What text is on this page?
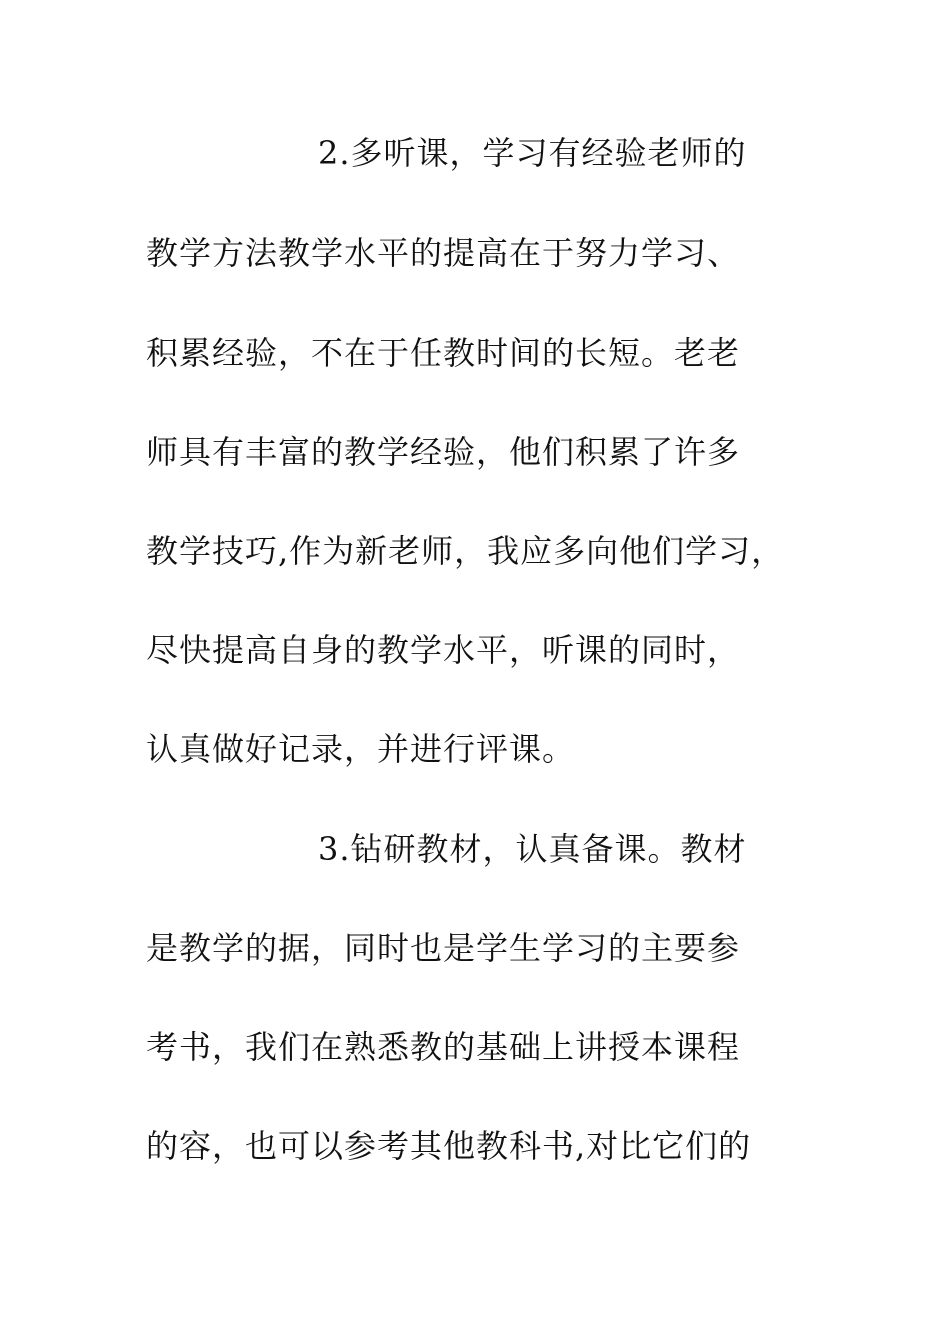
2.多听课，学习有经验老师的
教学方法教学水平的提高在于努力学习、
积累经验，不在于任教时间的长短。老老
师具有丰富的教学经验，他们积累了许多
教学技巧,作为新老师，我应多向他们学习，
尽快提高自身的教学水平，听课的同时，
认真做好记录，并进行评课。
3.钻研教材，认真备课。教材
是教学的据，同时也是学生学习的主要参
考书，我们在熟悉教的基础上讲授本课程
的容，也可以参考其他教科书,对比它们的
